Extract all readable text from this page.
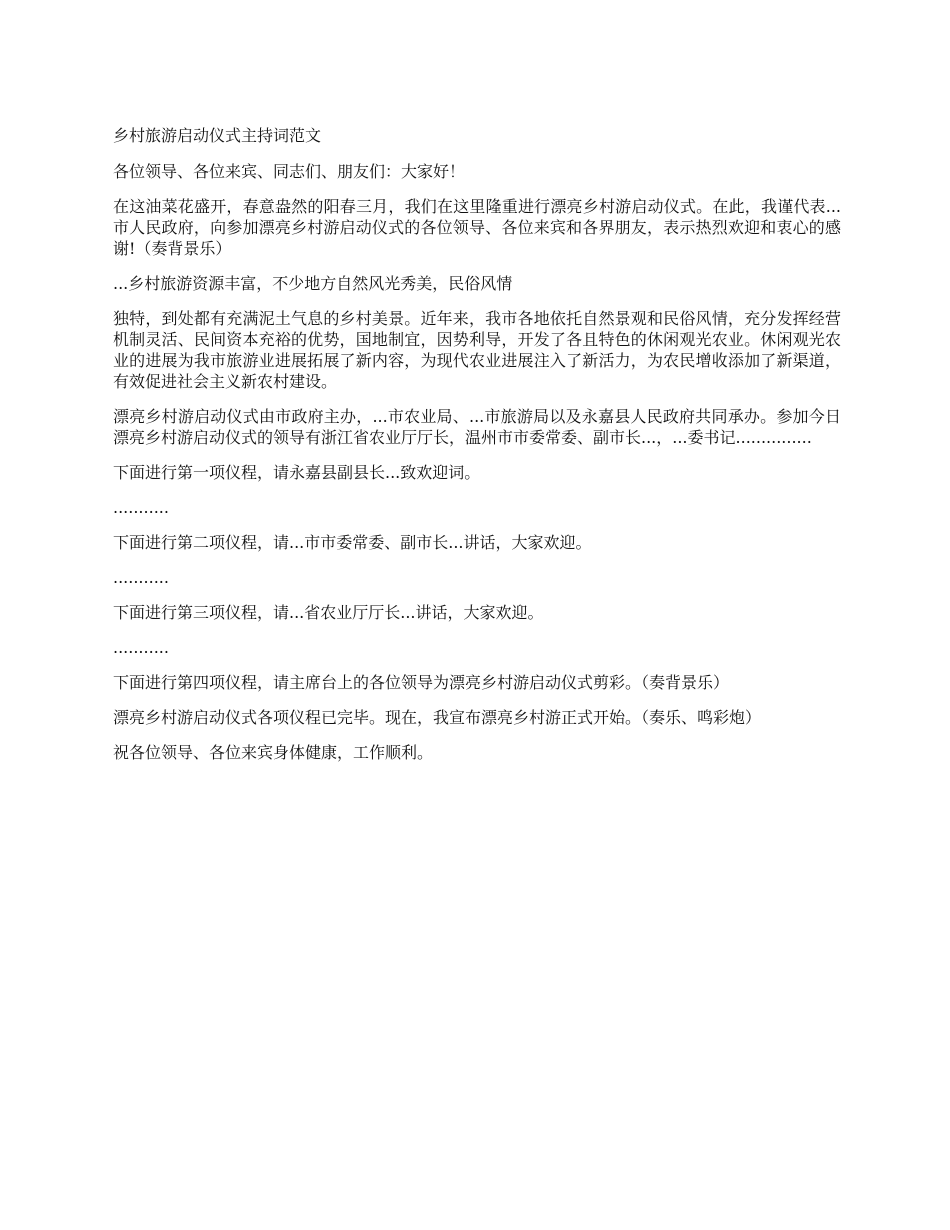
乡村旅游启动仪式主持词范文

各位领导、各位来宾、同志们、朋友们：大家好！

在这油菜花盛开，春意盎然的阳春三月，我们在这里隆重进行漂亮乡村游启动仪式。在此，我谨代表...市人民政府，向参加漂亮乡村游启动仪式的各位领导、各位来宾和各界朋友，表示热烈欢迎和衷心的感谢!（奏背景乐）

...乡村旅游资源丰富，不少地方自然风光秀美，民俗风情

独特，到处都有充满泥土气息的乡村美景。近年来，我市各地依托自然景观和民俗风情，充分发挥经营机制灵活、民间资本充裕的优势，国地制宜，因势利导，开发了各且特色的休闲观光农业。休闲观光农业的进展为我市旅游业进展拓展了新内容，为现代农业进展注入了新活力，为农民增收添加了新渠道，有效促进社会主义新农村建设。

漂亮乡村游启动仪式由市政府主办，...市农业局、...市旅游局以及永嘉县人民政府共同承办。参加今日漂亮乡村游启动仪式的领导有浙江省农业厅厅长，温州市市委常委、副市长...，...委书记...............

下面进行第一项仪程，请永嘉县副县长...致欢迎词。

...........

下面进行第二项仪程，请...市市委常委、副市长...讲话，大家欢迎。

...........

下面进行第三项仪程，请...省农业厅厅长...讲话，大家欢迎。

...........

下面进行第四项仪程，请主席台上的各位领导为漂亮乡村游启动仪式剪彩。（奏背景乐）

漂亮乡村游启动仪式各项仪程已完毕。现在，我宣布漂亮乡村游正式开始。（奏乐、鸣彩炮）

祝各位领导、各位来宾身体健康，工作顺利。
